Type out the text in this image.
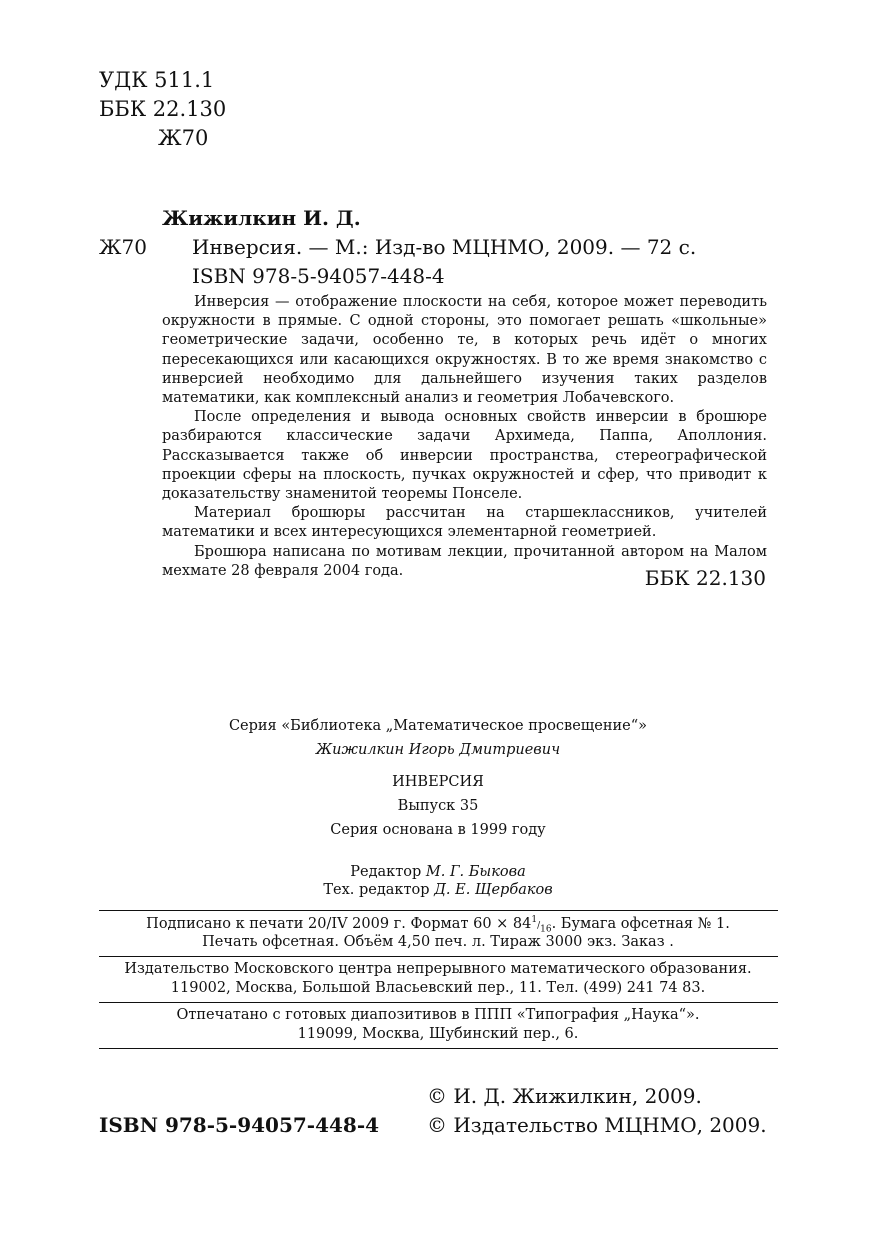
УДК 511.1
ББК 22.130
Ж70
Жижилкин И. Д.
Ж70 Инверсия. — М.: Изд-во МЦНМО, 2009. — 72 с.
ISBN 978-5-94057-448-4

Инверсия — отображение плоскости на себя, которое может переводить окружности в прямые. С одной стороны, это помогает решать «школьные» геометрические задачи, особенно те, в которых речь идёт о многих пересекающихся или касающихся окружностях. В то же время знакомство с инверсией необходимо для дальнейшего изучения таких разделов математики, как комплексный анализ и геометрия Лобачевского.

После определения и вывода основных свойств инверсии в брошюре разбираются классические задачи Архимеда, Паппа, Аполлония. Рассказывается также об инверсии пространства, стереографической проекции сферы на плоскость, пучках окружностей и сфер, что приводит к доказательству знаменитой теоремы Понселе.

Материал брошюры рассчитан на старшеклассников, учителей математики и всех интересующихся элементарной геометрией.

Брошюра написана по мотивам лекции, прочитанной автором на Малом мехмате 28 февраля 2004 года.	ББК 22.130
Серия «Библиотека „Математическое просвещение“»
Жижилкин Игорь Дмитриевич
ИНВЕРСИЯ
Выпуск 35
Серия основана в 1999 году
Редактор М. Г. Быкова
Тех. редактор Д. Е. Щербаков
Подписано к печати 20/IV 2009 г. Формат $60 \times 84^1/_{16}$. Бумага офсетная № 1.
Печать офсетная. Объём 4,50 печ. л. Тираж 3000 экз. Заказ .
Издательство Московского центра непрерывного математического образования.
119002, Москва, Большой Власьевский пер., 11. Тел. (499) 241 74 83.
Отпечатано с готовых диапозитивов в ППП «Типография „Наука“».
119099, Москва, Шубинский пер., 6.
© И. Д. Жижилкин, 2009.
ISBN 978-5-94057-448-4 © Издательство МЦНМО, 2009.
